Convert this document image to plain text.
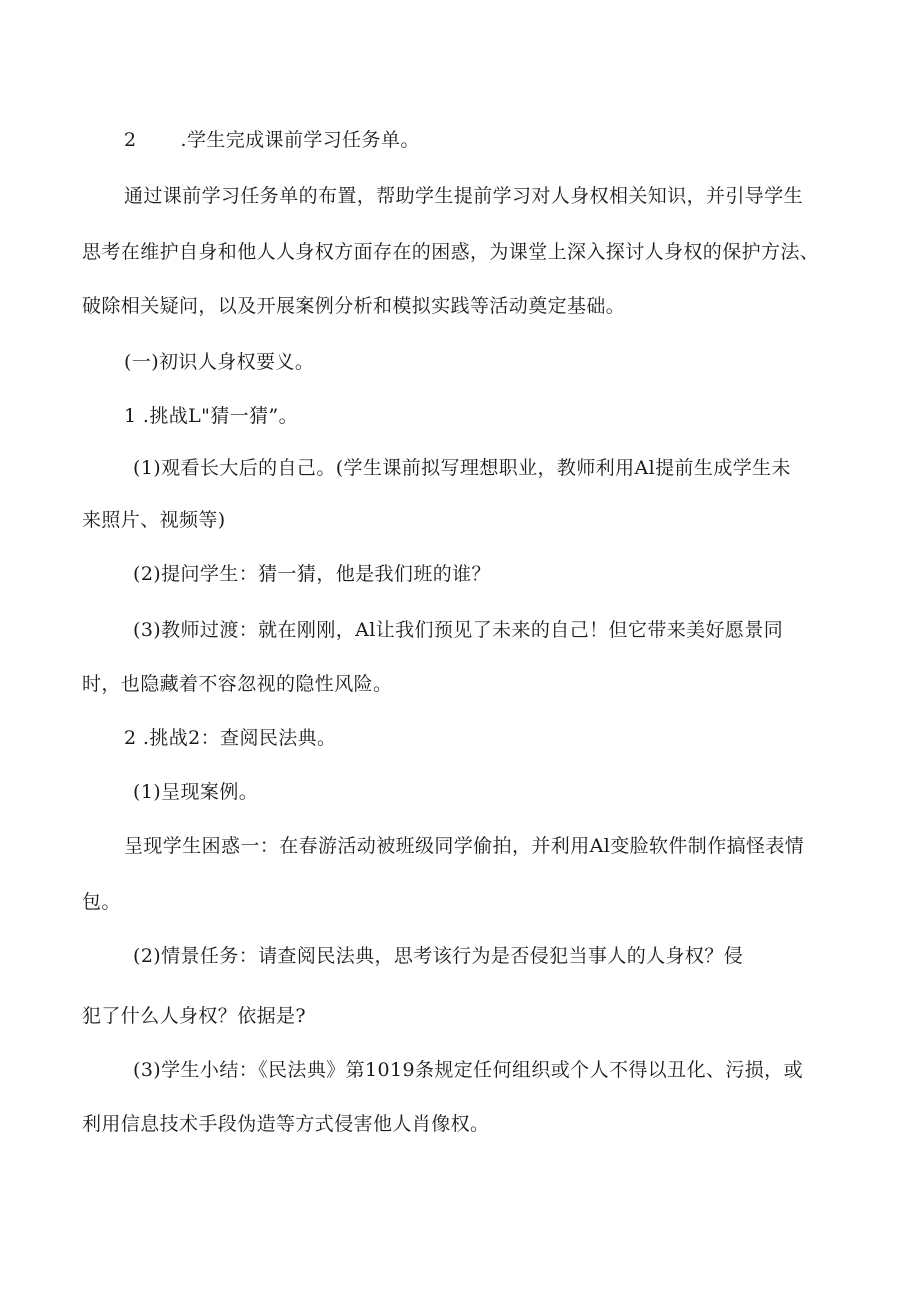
2 .学生完成课前学习任务单。
通过课前学习任务单的布置，帮助学生提前学习对人身权相关知识，并引导学生
思考在维护自身和他人人身权方面存在的困惑，为课堂上深入探讨人身权的保护方法、
破除相关疑问，以及开展案例分析和模拟实践等活动奠定基础。
(一)初识人身权要义。
1 .挑战L"猜一猜”。
(1)观看长大后的自己。(学生课前拟写理想职业，教师利用Al提前生成学生未
来照片、视频等)
(2)提问学生：猜一猜，他是我们班的谁？
(3)教师过渡：就在刚刚，Al让我们预见了未来的自己！但它带来美好愿景同
时，也隐藏着不容忽视的隐性风险。
2 .挑战2：查阅民法典。
(1)呈现案例。
呈现学生困惑一：在春游活动被班级同学偷拍，并利用Al变脸软件制作搞怪表情
包。
(2)情景任务：请查阅民法典，思考该行为是否侵犯当事人的人身权？侵
犯了什么人身权？依据是?
(3)学生小结：《民法典》第1019条规定任何组织或个人不得以丑化、污损，或
利用信息技术手段伪造等方式侵害他人肖像权。
